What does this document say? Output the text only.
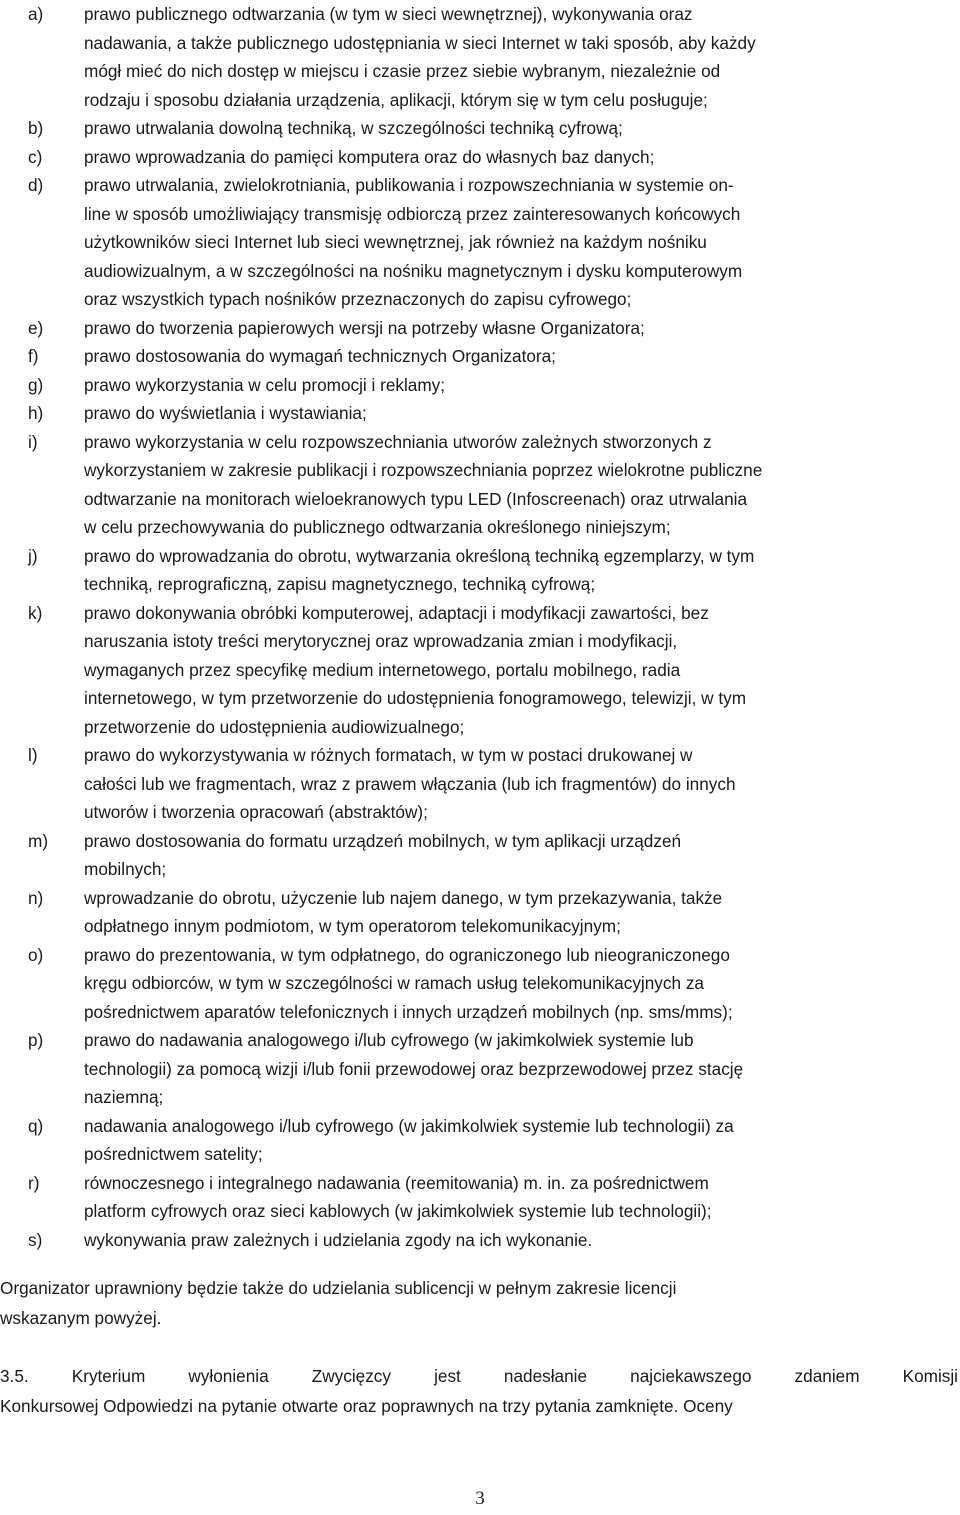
a) prawo publicznego odtwarzania (w tym w sieci wewnętrznej), wykonywania oraz
nadawania, a także publicznego udostępniania w sieci Internet w taki sposób, aby każdy
mógł mieć do nich dostęp w miejscu i czasie przez siebie wybranym, niezależnie od
rodzaju i sposobu działania urządzenia, aplikacji, którym się w tym celu posługuje;
b) prawo utrwalania dowolną techniką, w szczególności techniką cyfrową;
c) prawo wprowadzania do pamięci komputera oraz do własnych baz danych;
d) prawo utrwalania, zwielokrotniania, publikowania i rozpowszechniania w systemie on-
line w sposób umożliwiający transmisję odbiorczą przez zainteresowanych końcowych
użytkowników sieci Internet lub sieci wewnętrznej, jak również na każdym nośniku
audiowizualnym, a w szczególności na nośniku magnetycznym i dysku komputerowym
oraz wszystkich typach nośników przeznaczonych do zapisu cyfrowego;
e) prawo do tworzenia papierowych wersji na potrzeby własne Organizatora;
f)	prawo dostosowania do wymagań technicznych Organizatora;
g) prawo wykorzystania w celu promocji i reklamy;
h) prawo do wyświetlania i wystawiania;
i)	prawo wykorzystania w celu rozpowszechniania utworów zależnych stworzonych z
wykorzystaniem w zakresie publikacji i rozpowszechniania poprzez wielokrotne publiczne
odtwarzanie na monitorach wieloekranowych typu LED (Infoscreenach) oraz utrwalania
w celu przechowywania do publicznego odtwarzania określonego niniejszym;
j)	prawo do wprowadzania do obrotu, wytwarzania określoną techniką egzemplarzy, w tym
techniką, reprograficzną, zapisu magnetycznego, techniką cyfrową;
k) prawo dokonywania obróbki komputerowej, adaptacji i modyfikacji zawartości, bez
naruszania istoty treści merytorycznej oraz wprowadzania zmian i modyfikacji,
wymaganych przez specyfikę medium internetowego, portalu mobilnego, radia
internetowego, w tym przetworzenie do udostępnienia fonogramowego, telewizji, w tym
przetworzenie do udostępnienia audiowizualnego;
l)	prawo do wykorzystywania w różnych formatach, w tym w postaci drukowanej w
całości lub we fragmentach, wraz z prawem włączania (lub ich fragmentów) do innych
utworów i tworzenia opracowań (abstraktów);
m) prawo dostosowania do formatu urządzeń mobilnych, w tym aplikacji urządzeń
mobilnych;
n) wprowadzanie do obrotu, użyczenie lub najem danego, w tym przekazywania, także
odpłatnego innym podmiotom, w tym operatorom telekomunikacyjnym;
o) prawo do prezentowania, w tym odpłatnego, do ograniczonego lub nieograniczonego
kręgu odbiorców, w tym w szczególności w ramach usług telekomunikacyjnych za
pośrednictwem aparatów telefonicznych i innych urządzeń mobilnych (np. sms/mms);
p) prawo do nadawania analogowego i/lub cyfrowego (w jakimkolwiek systemie lub
technologii) za pomocą wizji i/lub fonii przewodowej oraz bezprzewodowej przez stację
naziemną;
q) nadawania analogowego i/lub cyfrowego (w jakimkolwiek systemie lub technologii) za
pośrednictwem satelity;
r)	równoczesnego i integralnego nadawania (reemitowania) m. in. za pośrednictwem
platform cyfrowych oraz sieci kablowych (w jakimkolwiek systemie lub technologii);
s) wykonywania praw zależnych i udzielania zgody na ich wykonanie.
Organizator uprawniony będzie także do udzielania sublicencji w pełnym zakresie licencji
wskazanym powyżej.
3.5. Kryterium wyłonienia Zwycięzcy jest nadesłanie najciekawszego zdaniem Komisji
Konkursowej Odpowiedzi na pytanie otwarte oraz poprawnych na trzy pytania zamknięte. Oceny
3
